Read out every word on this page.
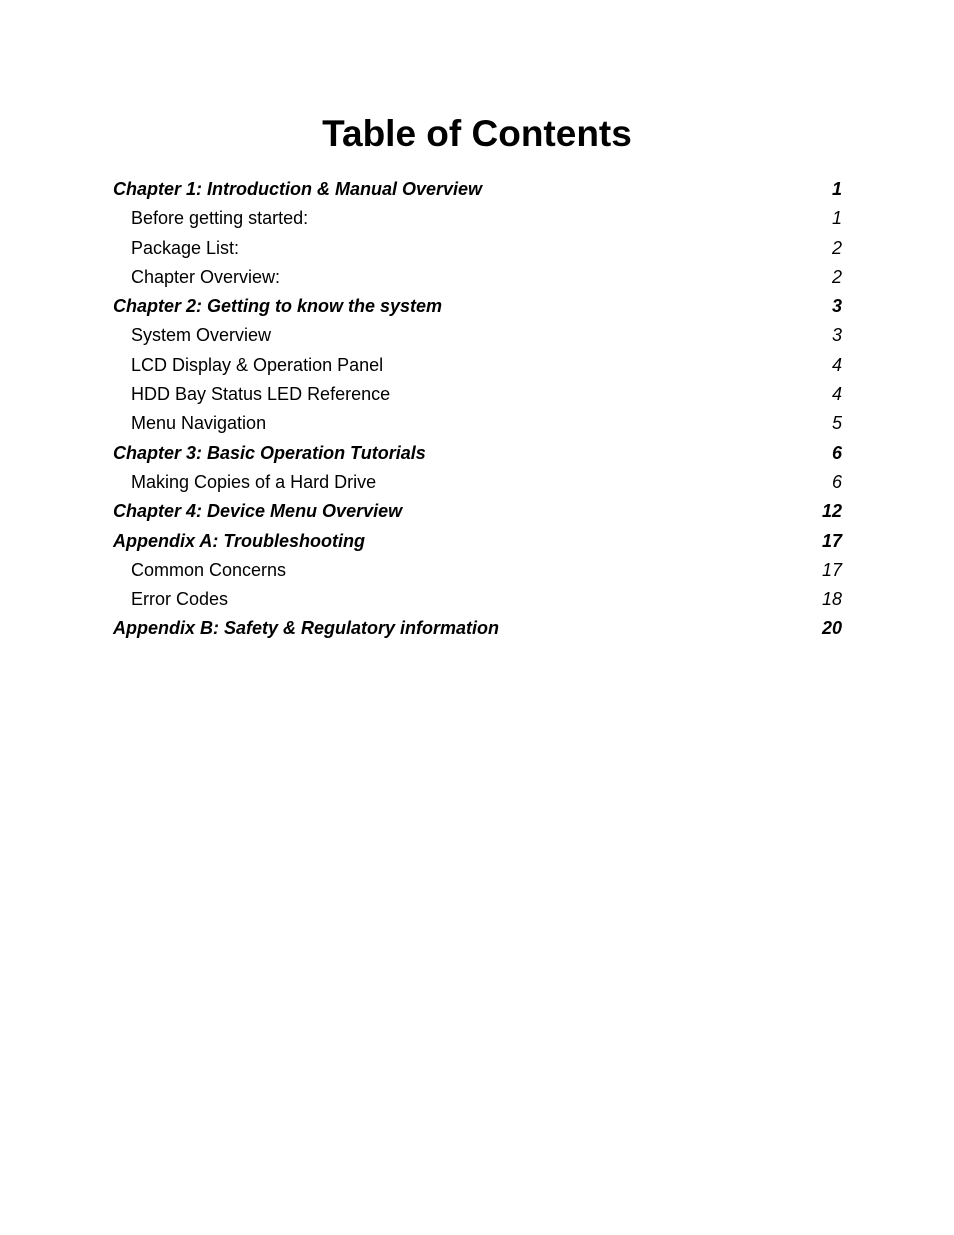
Table of Contents
Chapter 1: Introduction & Manual Overview	1
Before getting started:	1
Package List:	2
Chapter Overview:	2
Chapter 2: Getting to know the system	3
System Overview	3
LCD Display & Operation Panel	4
HDD Bay Status LED Reference	4
Menu Navigation	5
Chapter 3: Basic Operation Tutorials	6
Making Copies of a Hard Drive	6
Chapter 4: Device Menu Overview	12
Appendix A: Troubleshooting	17
Common Concerns	17
Error Codes	18
Appendix B: Safety & Regulatory information	20
